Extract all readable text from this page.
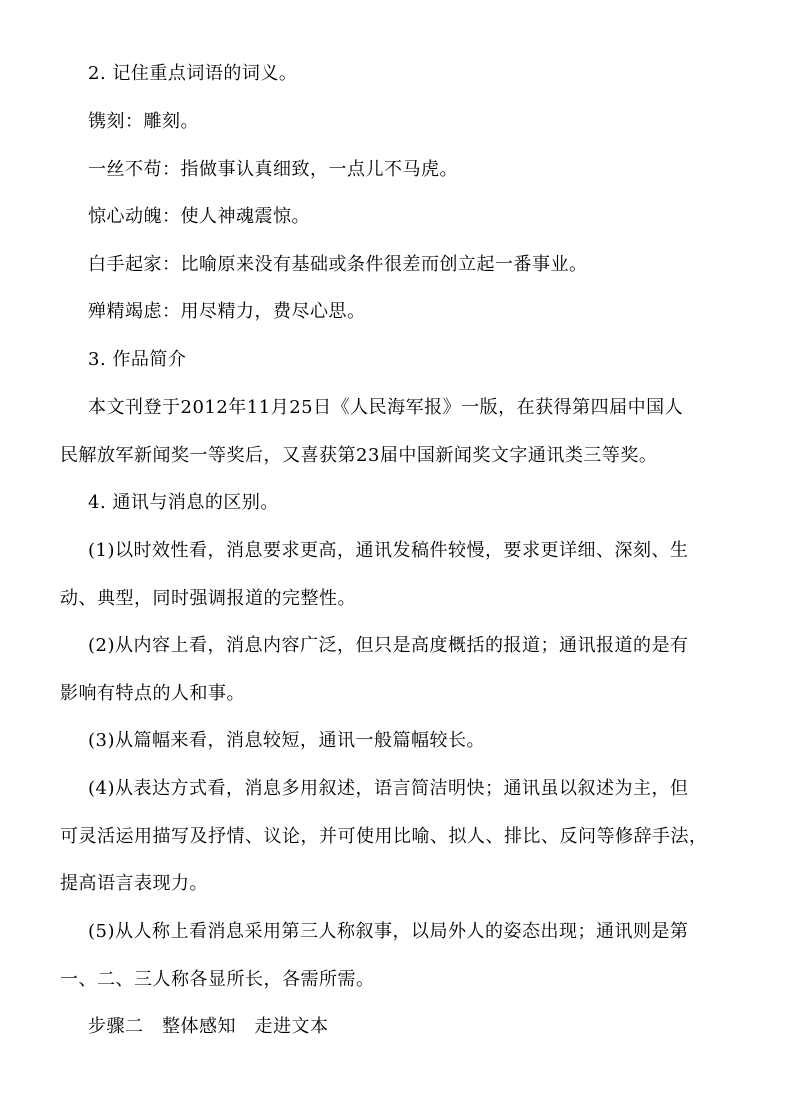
2. 记住重点词语的词义。
镌刻：雕刻。
一丝不苟：指做事认真细致，一点儿不马虎。
惊心动魄：使人神魂震惊。
白手起家：比喻原来没有基础或条件很差而创立起一番事业。
殚精竭虑：用尽精力，费尽心思。
3. 作品简介
本文刊登于2012年11月25日《人民海军报》一版，在获得第四届中国人
民解放军新闻奖一等奖后，又喜获第23届中国新闻奖文字通讯类三等奖。
4. 通讯与消息的区别。
(1)以时效性看，消息要求更高，通讯发稿件较慢，要求更详细、深刻、生
动、典型，同时强调报道的完整性。
(2)从内容上看，消息内容广泛，但只是高度概括的报道；通讯报道的是有
影响有特点的人和事。
(3)从篇幅来看，消息较短，通讯一般篇幅较长。
(4)从表达方式看，消息多用叙述，语言简洁明快；通讯虽以叙述为主，但
可灵活运用描写及抒情、议论，并可使用比喻、拟人、排比、反问等修辞手法，
提高语言表现力。
(5)从人称上看消息采用第三人称叙事，以局外人的姿态出现；通讯则是第
一、二、三人称各显所长，各需所需。
步骤二　整体感知　走进文本
